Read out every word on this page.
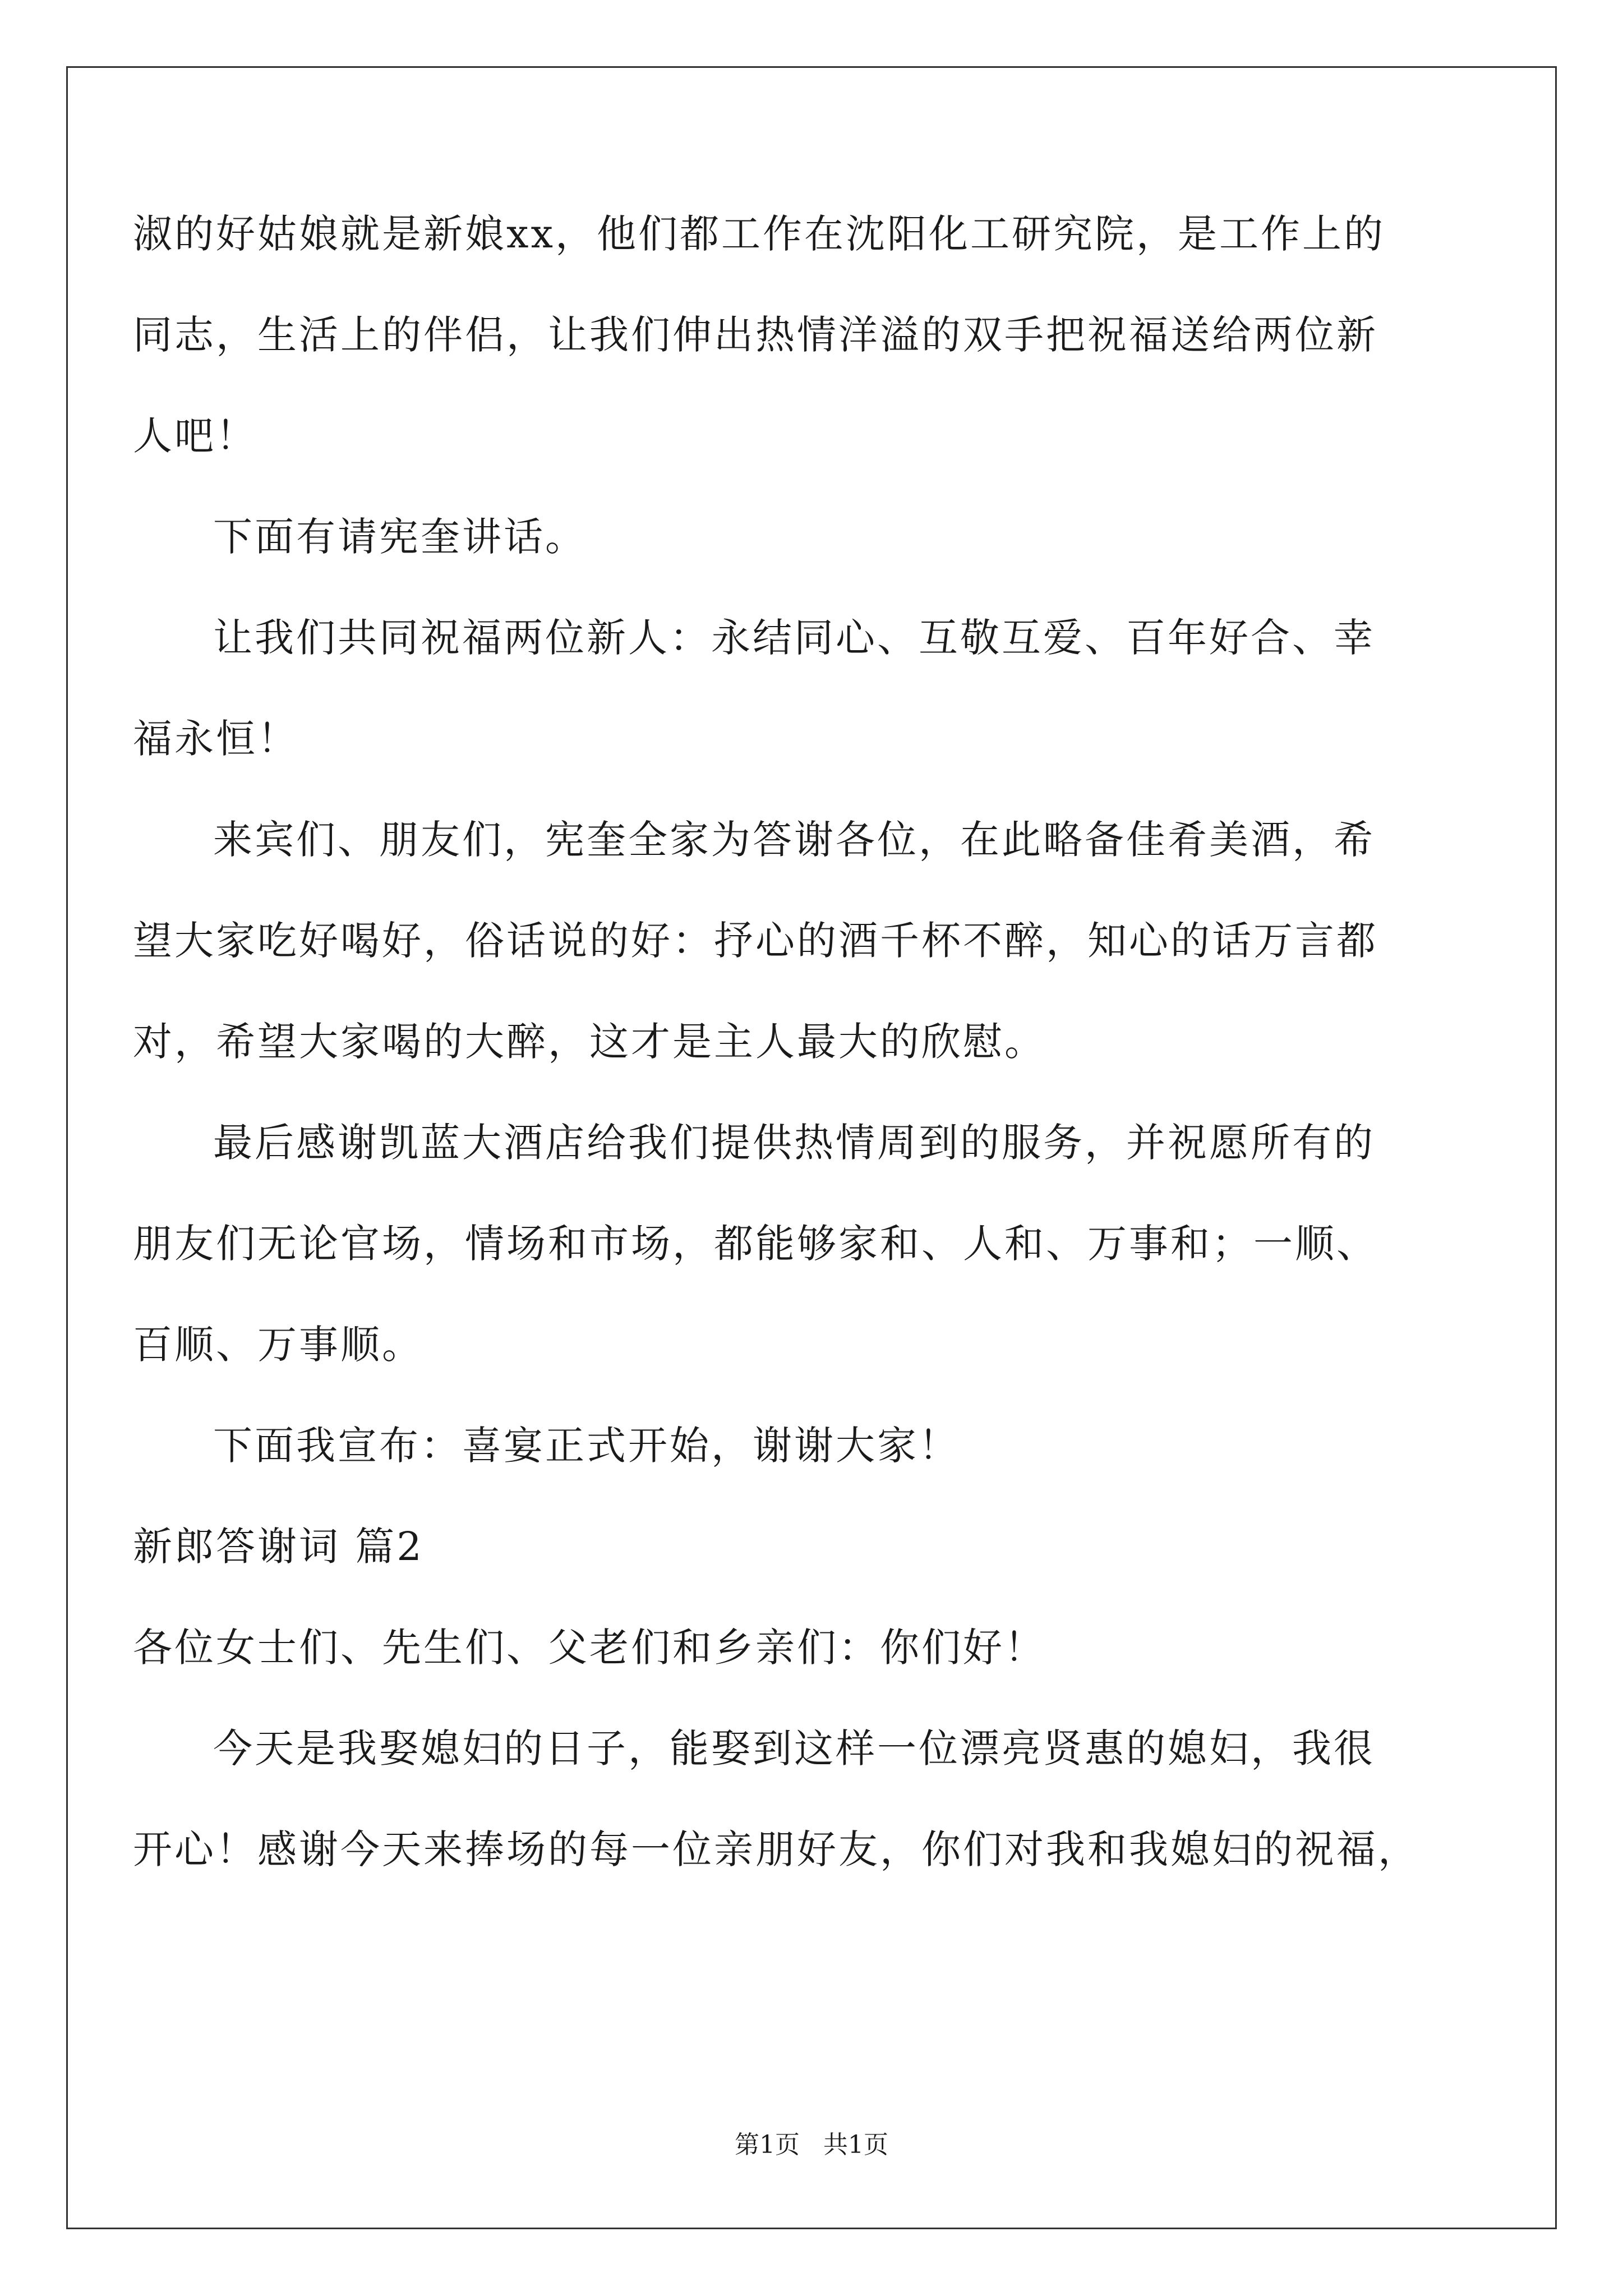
淑的好姑娘就是新娘xx，他们都工作在沈阳化工研究院，是工作上的
同志，生活上的伴侣，让我们伸出热情洋溢的双手把祝福送给两位新
人吧！
下面有请宪奎讲话。
让我们共同祝福两位新人：永结同心、互敬互爱、百年好合、幸
福永恒！
来宾们、朋友们，宪奎全家为答谢各位，在此略备佳肴美酒，希
望大家吃好喝好，俗话说的好：抒心的酒千杯不醉，知心的话万言都
对，希望大家喝的大醉，这才是主人最大的欣慰。
最后感谢凯蓝大酒店给我们提供热情周到的服务，并祝愿所有的
朋友们无论官场，情场和市场，都能够家和、人和、万事和；一顺、
百顺、万事顺。
下面我宣布：喜宴正式开始，谢谢大家！
新郎答谢词 篇2
各位女士们、先生们、父老们和乡亲们：你们好！
今天是我娶媳妇的日子，能娶到这样一位漂亮贤惠的媳妇，我很
开心！感谢今天来捧场的每一位亲朋好友，你们对我和我媳妇的祝福，
第1页   共1页
